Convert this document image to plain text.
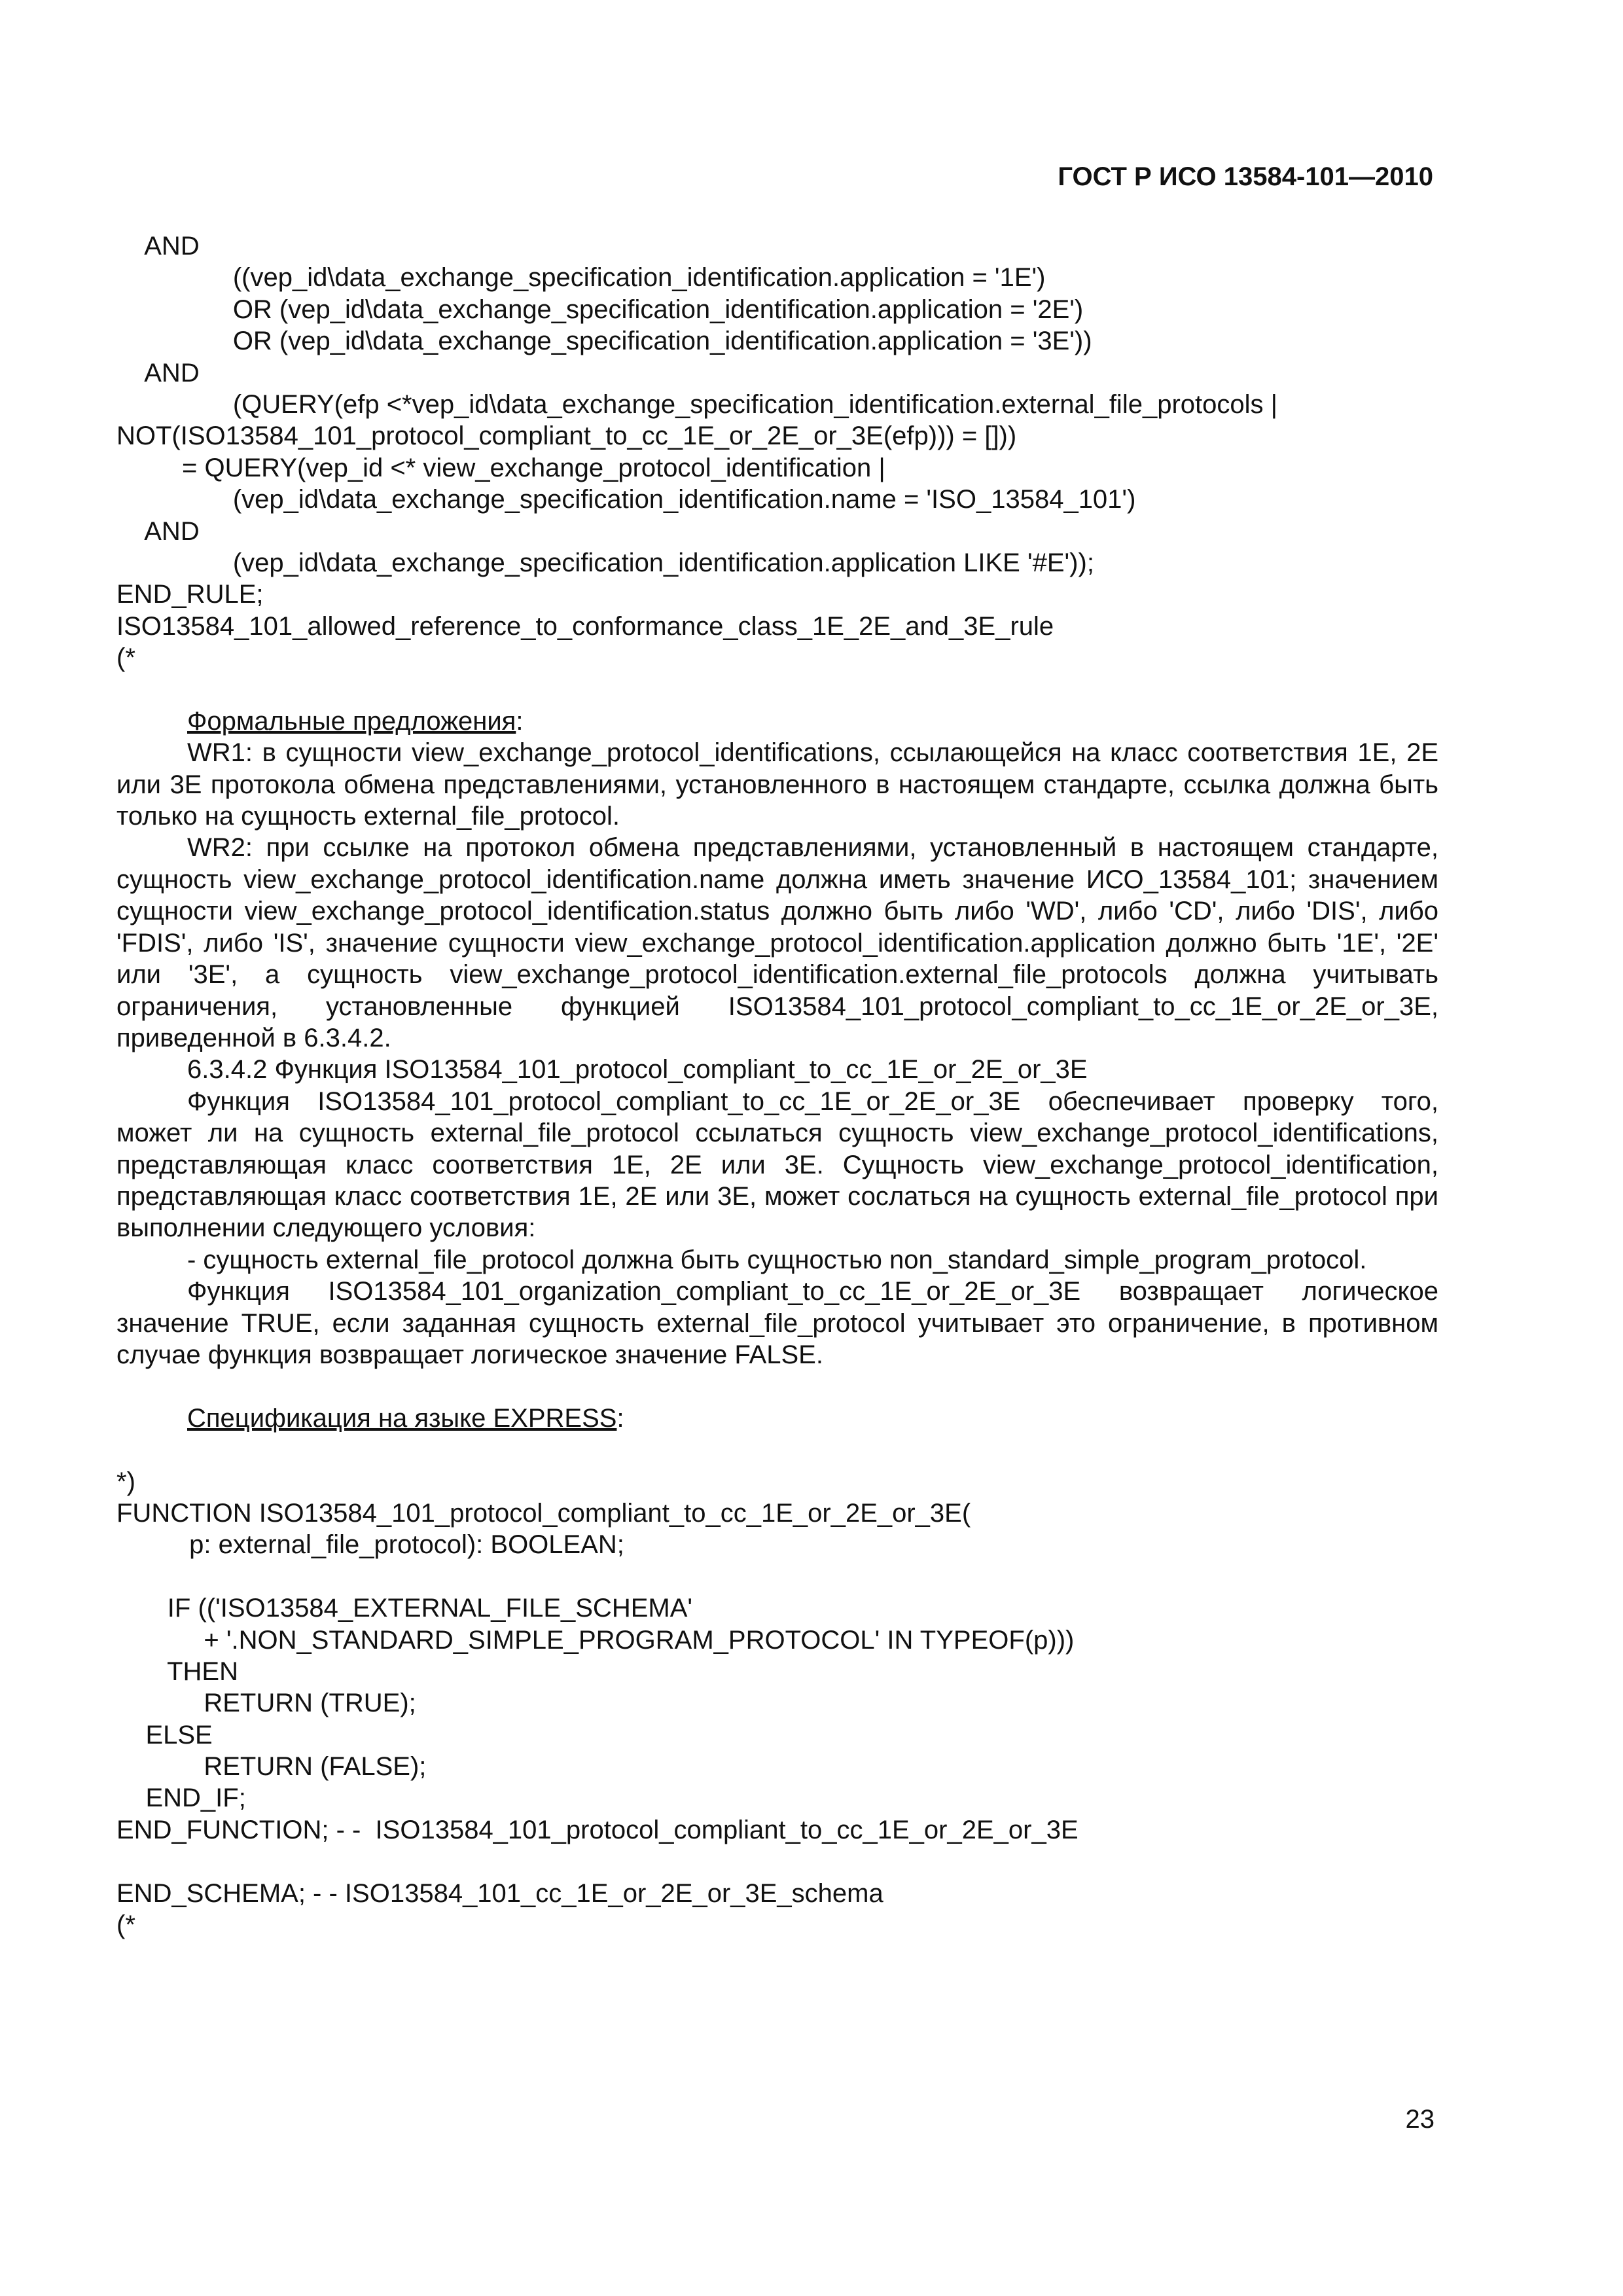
ГОСТ Р ИСО 13584-101—2010
AND
((vep_id\data_exchange_specification_identification.application = '1E')
OR (vep_id\data_exchange_specification_identification.application = '2E')
OR (vep_id\data_exchange_specification_identification.application = '3E'))
AND
(QUERY(efp <*vep_id\data_exchange_specification_identification.external_file_protocols |
NOT(ISO13584_101_protocol_compliant_to_cc_1E_or_2E_or_3E(efp))) = []))
= QUERY(vep_id <* view_exchange_protocol_identification |
(vep_id\data_exchange_specification_identification.name = 'ISO_13584_101')
AND
(vep_id\data_exchange_specification_identification.application LIKE '#E'));
END_RULE;
ISO13584_101_allowed_reference_to_conformance_class_1E_2E_and_3E_rule
(*

Формальные предложения:

WR1: в сущности view_exchange_protocol_identifications, ссылающейся на класс соответствия 1E, 2E или 3E протокола обмена представлениями, установленного в настоящем стандарте, ссылка должна быть только на сущность external_file_protocol.

WR2: при ссылке на протокол обмена представлениями, установленный в настоящем стандарте, сущность view_exchange_protocol_identification.name должна иметь значение ИСО_13584_101; значением сущности view_exchange_protocol_identification.status должно быть либо 'WD', либо 'CD', либо 'DIS', либо 'FDIS', либо 'IS', значение сущности view_exchange_protocol_identification.application должно быть '1E', '2E' или '3E', а сущность view_exchange_protocol_identification.external_file_protocols должна учитывать ограничения, установленные функцией ISO13584_101_protocol_compliant_to_cc_1E_or_2E_or_3E, приведенной в 6.3.4.2.

6.3.4.2 Функция ISO13584_101_protocol_compliant_to_cc_1E_or_2E_or_3E

Функция ISO13584_101_protocol_compliant_to_cc_1E_or_2E_or_3E обеспечивает проверку того, может ли на сущность external_file_protocol ссылаться сущность view_exchange_protocol_identifications, представляющая класс соответствия 1E, 2E или 3E. Сущность view_exchange_protocol_identification, представляющая класс соответствия 1E, 2E или 3E, может сослаться на сущность external_file_protocol при выполнении следующего условия:

- сущность external_file_protocol должна быть сущностью non_standard_simple_program_protocol.

Функция ISO13584_101_organization_compliant_to_cc_1E_or_2E_or_3E возвращает логическое значение TRUE, если заданная сущность external_file_protocol учитывает это ограничение, в противном случае функция возвращает логическое значение FALSE.

Спецификация на языке EXPRESS:

*)
FUNCTION ISO13584_101_protocol_compliant_to_cc_1E_or_2E_or_3E(
p: external_file_protocol): BOOLEAN;
IF (('ISO13584_EXTERNAL_FILE_SCHEMA'
+ '.NON_STANDARD_SIMPLE_PROGRAM_PROTOCOL' IN TYPEOF(p)))
THEN
RETURN (TRUE);
ELSE
RETURN (FALSE);
END_IF;
END_FUNCTION; - -  ISO13584_101_protocol_compliant_to_cc_1E_or_2E_or_3E
END_SCHEMA; - - ISO13584_101_cc_1E_or_2E_or_3E_schema
(*
23
